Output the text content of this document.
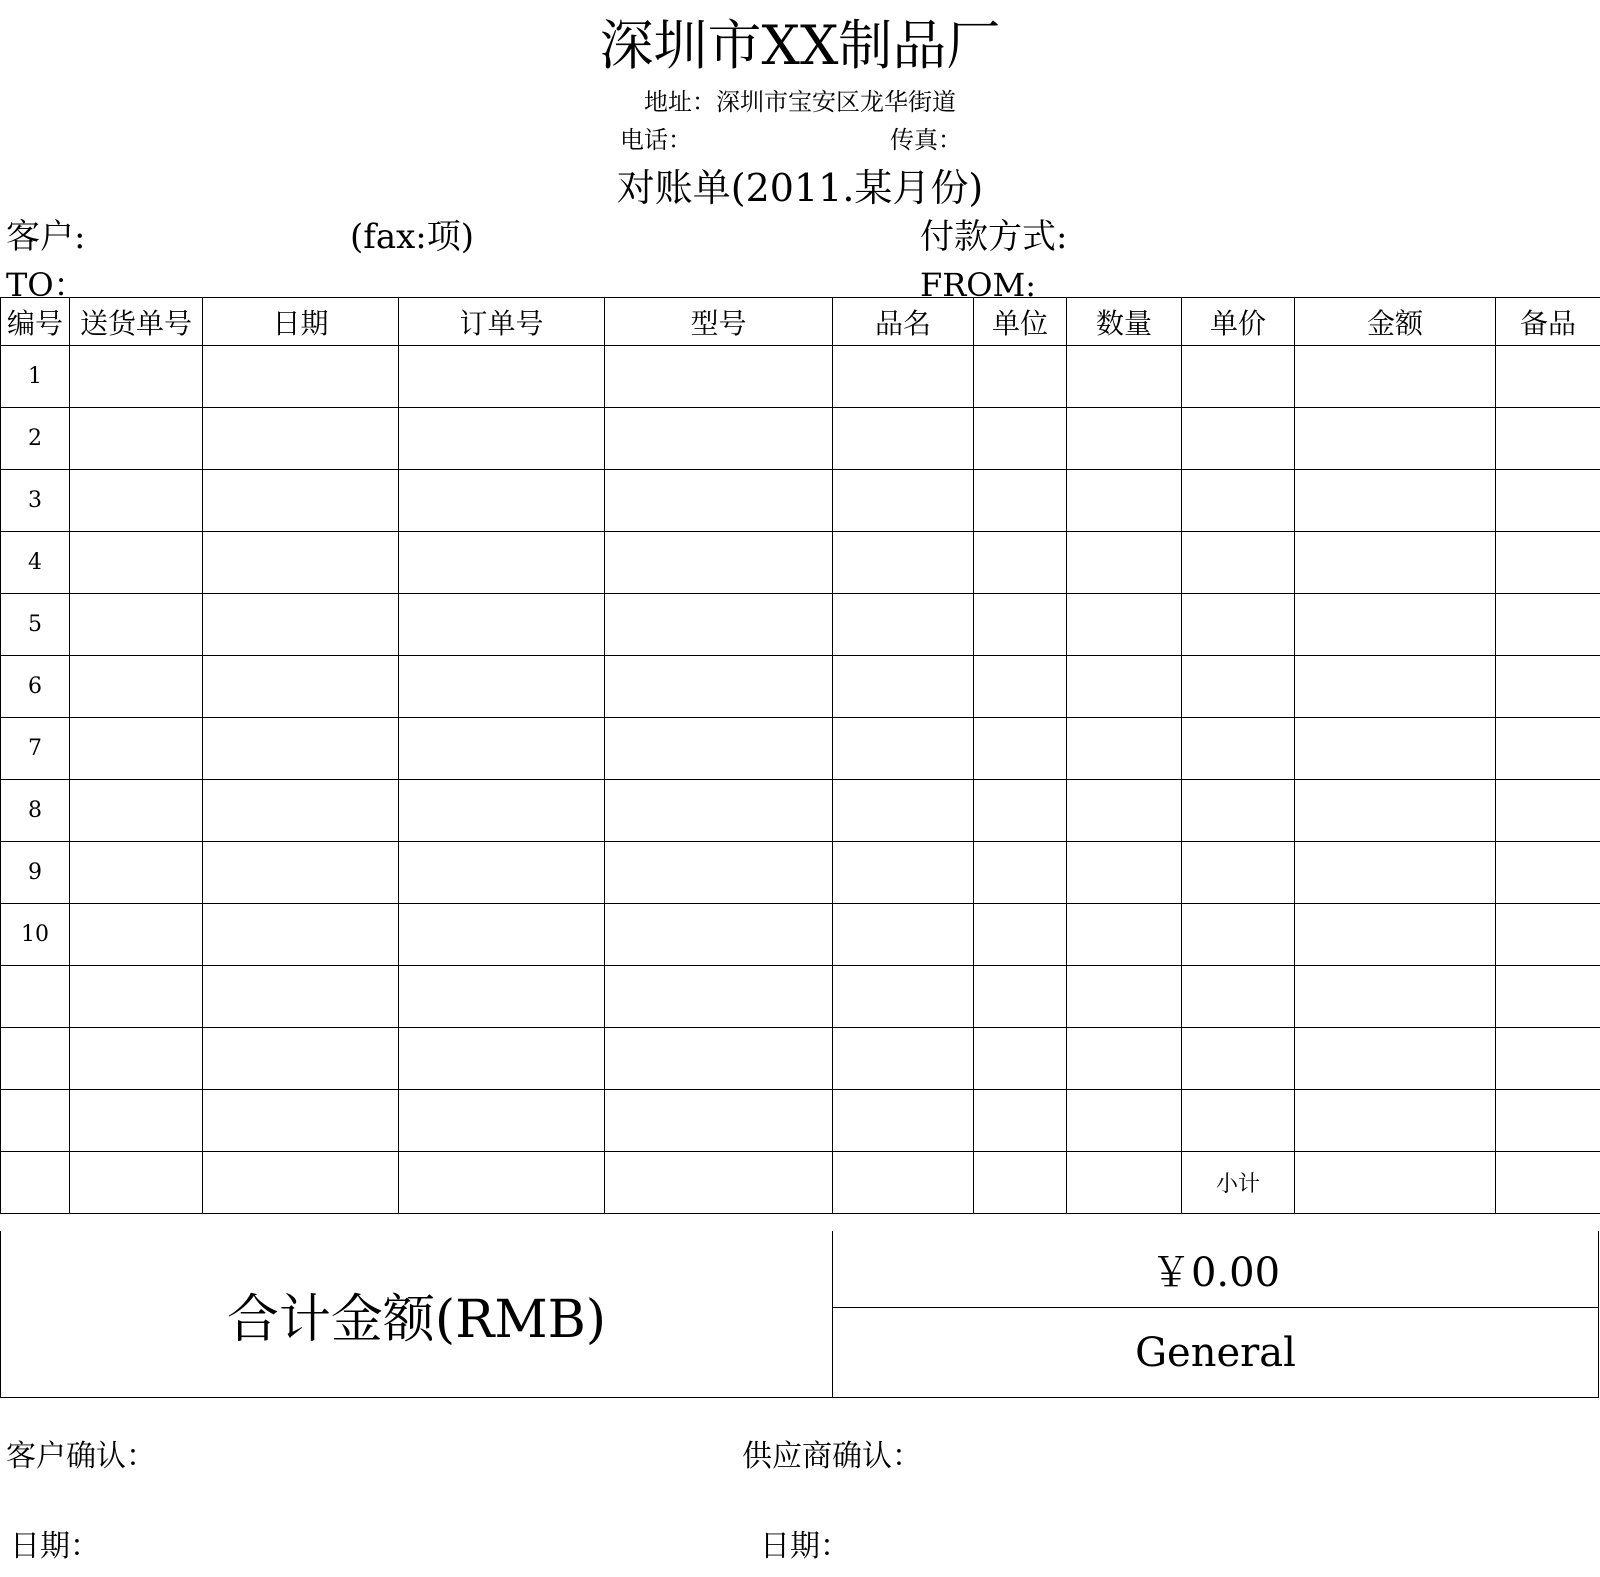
深圳市XX制品厂
地址：深圳市宝安区龙华街道
电话：	传真：
对账单(2011.某月份)
客户:	(fax:项)	付款方式:
TO：	FROM:
编号	送货单号	日期	订单号	型号	品名	单位	数量	单价	金额	备品
1										
2										
3										
4										
5										
6										
7										
8										
9										
10										

								小计		
合计金额(RMB)
￥0.00
General
客户确认：	供应商确认：
日期：	日期：
